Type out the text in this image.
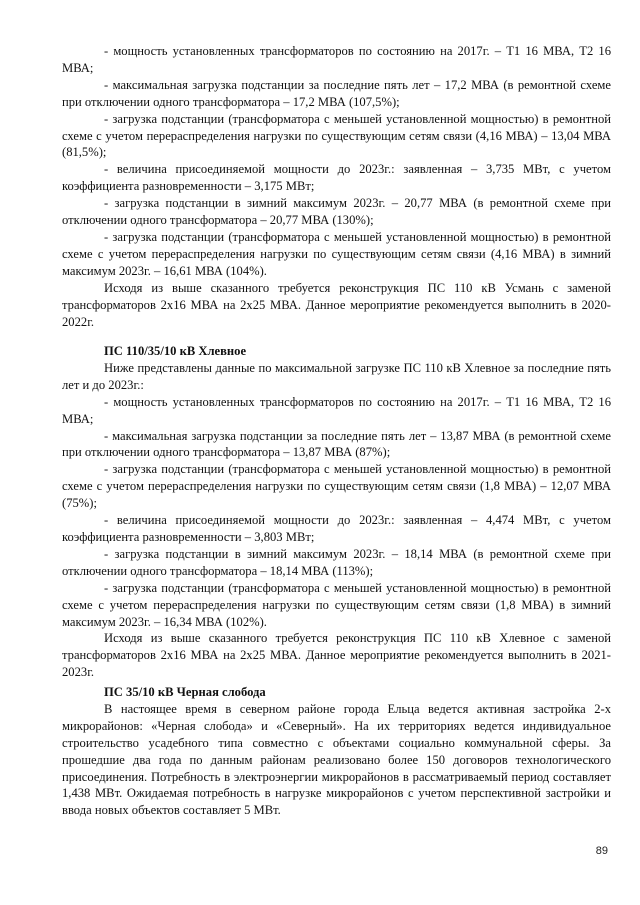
- мощность установленных трансформаторов по состоянию на 2017г. – Т1 16 МВА, Т2 16 МВА;

- максимальная загрузка подстанции за последние пять лет – 17,2 МВА (в ремонтной схеме при отключении одного трансформатора – 17,2 МВА (107,5%);

- загрузка подстанции (трансформатора с меньшей установленной мощностью) в ремонтной схеме с учетом перераспределения нагрузки по существующим сетям связи (4,16 МВА) – 13,04 МВА (81,5%);

- величина присоединяемой мощности до 2023г.: заявленная – 3,735 МВт, с учетом коэффициента разновременности – 3,175 МВт;

- загрузка подстанции в зимний максимум 2023г. – 20,77 МВА (в ремонтной схеме при отключении одного трансформатора – 20,77 МВА (130%);

- загрузка подстанции (трансформатора с меньшей установленной мощностью) в ремонтной схеме с учетом перераспределения нагрузки по существующим сетям связи (4,16 МВА) в зимний максимум 2023г. – 16,61 МВА (104%).

Исходя из выше сказанного требуется реконструкция ПС 110 кВ Усмань с заменой трансформаторов 2х16 МВА на 2х25 МВА. Данное мероприятие рекомендуется выполнить в 2020-2022г.

ПС 110/35/10 кВ Хлевное

Ниже представлены данные по максимальной загрузке ПС 110 кВ Хлевное за последние пять лет и до 2023г.:

- мощность установленных трансформаторов по состоянию на 2017г. – Т1 16 МВА, Т2 16 МВА;

- максимальная загрузка подстанции за последние пять лет – 13,87 МВА (в ремонтной схеме при отключении одного трансформатора – 13,87 МВА (87%);

- загрузка подстанции (трансформатора с меньшей установленной мощностью) в ремонтной схеме с учетом перераспределения нагрузки по существующим сетям связи (1,8 МВА) – 12,07 МВА (75%);

- величина присоединяемой мощности до 2023г.: заявленная – 4,474 МВт, с учетом коэффициента разновременности – 3,803 МВт;

- загрузка подстанции в зимний максимум 2023г. – 18,14 МВА (в ремонтной схеме при отключении одного трансформатора – 18,14 МВА (113%);

- загрузка подстанции (трансформатора с меньшей установленной мощностью) в ремонтной схеме с учетом перераспределения нагрузки по существующим сетям связи (1,8 МВА) в зимний максимум 2023г. – 16,34 МВА (102%).

Исходя из выше сказанного требуется реконструкция ПС 110 кВ Хлевное с заменой трансформаторов 2х16 МВА на 2х25 МВА. Данное мероприятие рекомендуется выполнить в 2021-2023г.

ПС 35/10 кВ Черная слобода

В настоящее время в северном районе города Ельца ведется активная застройка 2-х микрорайонов: «Черная слобода» и «Северный». На их территориях ведется индивидуальное строительство усадебного типа совместно с объектами социально коммунальной сферы. За прошедшие два года по данным районам реализовано более 150 договоров технологического присоединения. Потребность в электроэнергии микрорайонов в рассматриваемый период составляет 1,438 МВт. Ожидаемая потребность в нагрузке микрорайонов с учетом перспективной застройки и ввода новых объектов составляет 5 МВт.

89
